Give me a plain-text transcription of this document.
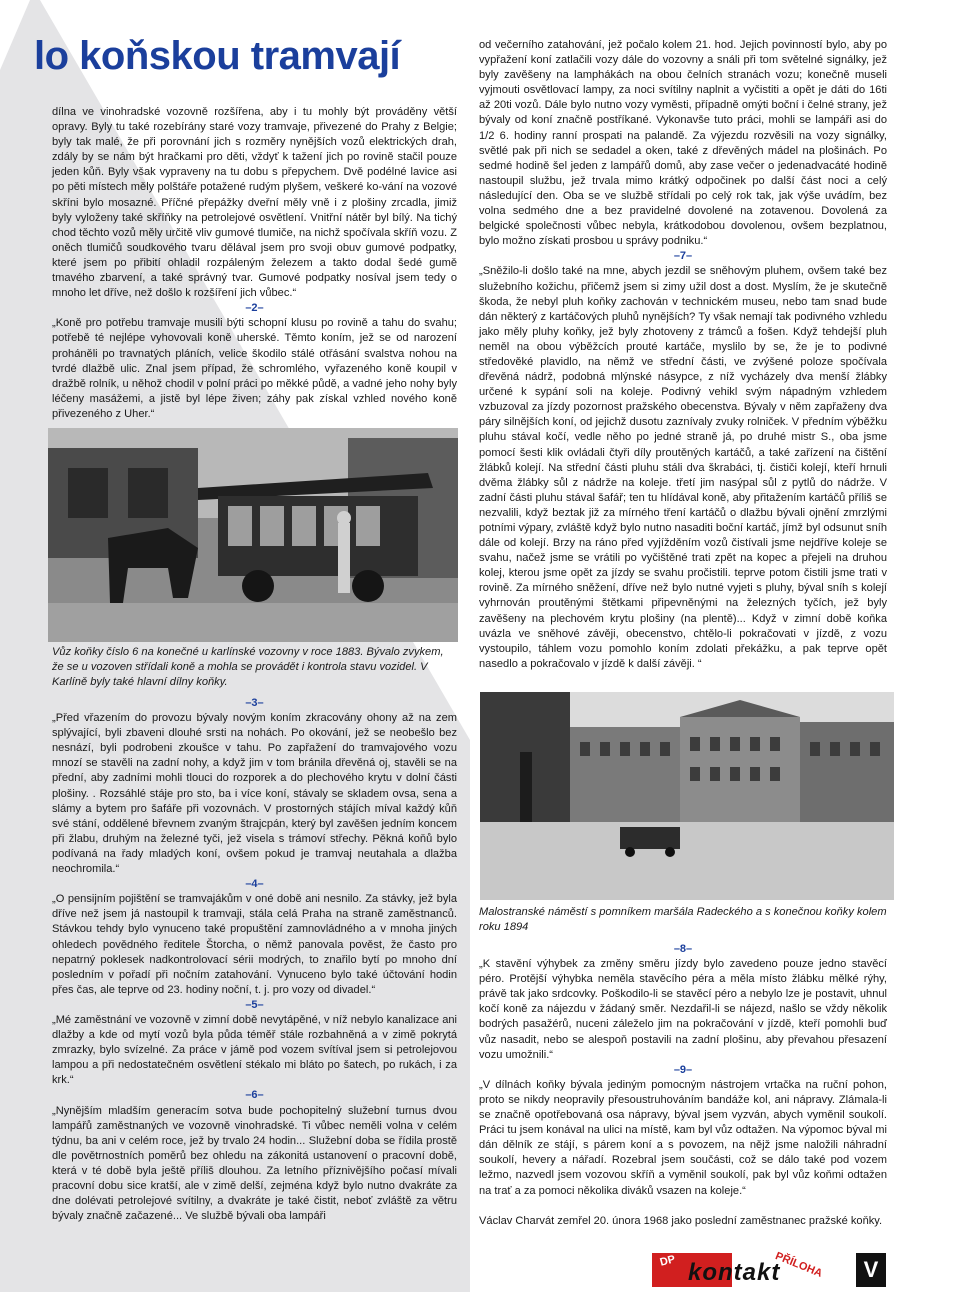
lo koňskou tramvají

dílna ve vinohradské vozovně rozšířena, aby i tu mohly být prováděny větší opravy. Byly tu také rozebírány staré vozy tramvaje, přivezené do Prahy z Belgie; byly tak malé, že při porovnání jich s rozměry nynějších vozů elektrických drah, zdály by se nám být hračkami pro děti, vždyť k tažení jich po rovině stačil pouze jeden kůň. Byly však vypraveny na tu dobu s přepychem. Dvě podélné lavice asi po pěti místech měly polštáře potažené rudým plyšem, veškeré ko-vání na vozové skříni bylo mosazné. Příčné přepážky dveřní měly vně i z plošiny zrcadla, jimiž byly vyloženy také skříňky na petrolejové osvětlení. Vnitřní nátěr byl bílý. Na tichý chod těchto vozů měly určitě vliv gumové tlumiče, na nichž spočívala skříň vozu. Z oněch tlumičů soudkového tvaru dělával jsem pro svoji obuv gumové podpatky, které jsem po přibití ohladil rozpáleným železem a takto dodal šedé gumě tmavého zbarvení, a také správný tvar. Gumové podpatky nosíval jsem tedy o mnoho let dříve, než došlo k rozšíření jich vůbec.“

–2–

„Koně pro potřebu tramvaje musili býti schopní klusu po rovině a tahu do svahu; potřebě té nejlépe vyhovovali koně uherské. Těmto koním, jež se od narození proháněli po travnatých pláních, velice škodilo stálé otřásání svalstva nohou na tvrdé dlažbě ulic. Znal jsem případ, že schromlého, vyřazeného koně koupil v dražbě rolník, u něhož chodil v polní práci po měkké půdě, a vadné jeho nohy byly léčeny masážemi, a jistě byl lépe živen; záhy pak získal vzhled nového koně přivezeného z Uher.“

Vůz koňky číslo 6 na konečné u karlínské vozovny v roce 1883. Bývalo zvykem, že se u vozoven střídali koně a mohla se provádět i kontrola stavu vozidel. V Karlíně byly také hlavní dílny koňky.

–3–

„Před vřazením do provozu bývaly novým koním zkracovány ohony až na zem splývající, byli zbaveni dlouhé srsti na nohách. Po okování, jež se neobešlo bez nesnází, byli podrobeni zkoušce v tahu. Po zapřažení do tramvajového vozu mnozí se stavěli na zadní nohy, a když jim v tom bránila dřevěná oj, stavěli se na přední, aby zadními mohli tlouci do rozporek a do plechového krytu v dolní části plošiny. . Rozsáhlé stáje pro sto, ba i více koní, stávaly se skladem ovsa, sena a slámy a bytem pro šafáře při vozovnách. V prostorných stájích míval každý kůň své stání, oddělené břevnem zvaným štrajcpán, který byl zavěšen jedním koncem při žlabu, druhým na železné tyči, jež visela s trámoví střechy. Pěkná koňů bylo podívaná na řady mladých koní, ovšem pokud je tramvaj neutahala a dlažba neochromila.“

–4–

„O pensijním pojištění se tramvajákům v oné době ani nesnilo. Za stávky, jež byla dříve než jsem já nastoupil k tramvaji, stála celá Praha na straně zaměstnanců. Stávkou tehdy bylo vynuceno také propuštění zamnovládného a v mnoha jiných ohledech povědného ředitele Štorcha, o němž panovala pověst, že často pro nepatrný poklesek nadkontrolovací sérii modrých, to znařilo bytí po mnoho dní posledním v pořadí při nočním zatahování. Vynuceno bylo také účtování hodin přes čas, ale teprve od 23. hodiny noční, t. j. pro vozy od divadel.“

–5–

„Mé zaměstnání ve vozovně v zimní době nevytápěné, v níž nebylo kanalizace ani dlažby a kde od mytí vozů byla půda téměř stále rozbahněná a v zimě pokrytá zmrazky, bylo svízelné. Za práce v jámě pod vozem svítíval jsem si petrolejovou lampou a při nedostatečném osvětlení stékalo mi bláto po šatech, po rukách, i za krk.“

–6–

„Nynějším mladším generacím sotva bude pochopitelný služební turnus dvou lampářů zaměstnaných ve vozovně vinohradské. Ti vůbec neměli volna v celém týdnu, ba ani v celém roce, jež by trvalo 24 hodin... Služební doba se řídila prostě dle povětrnostních poměrů bez ohledu na zákonitá ustanovení o pracovní době, která v té době byla ještě příliš dlouhou. Za letního příznivějšího počasí mívali pracovní dobu sice kratší, ale v zimě delší, zejména když bylo nutno dvakráte za dne dolévati petrolejové svítilny, a dvakráte je také čistit, neboť zvláště za větru bývaly značně začazené... Ve službě bývali oba lampáři

od večerního zatahování, jež počalo kolem 21. hod. Jejich povinností bylo, aby po vypřažení koní zatlačili vozy dále do vozovny a snáli při tom světelné signálky, jež byly zavěšeny na lamphákách na obou čelních stranách vozu; konečně museli vyjmouti osvětlovací lampy, za noci svítilny naplnit a vyčistiti a opět je dáti do 16ti až 20ti vozů. Dále bylo nutno vozy vyměsti, případně omýti boční i čelné strany, jež bývaly od koní značně postříkané. Vykonavše tuto práci, mohli se lampáři asi do 1/2 6. hodiny ranní prospati na palandě. Za výjezdu rozvěsili na vozy signálky, světlé pak při nich se sedadel a oken, také z dřevěných mádel na plošinách. Po sedmé hodině šel jeden z lampářů domů, aby zase večer o jedenadvacáté hodině nastoupil službu, jež trvala mimo krátký odpočinek po další část noci a celý následující den. Oba se ve službě střídali po celý rok tak, jak výše uvádím, bez volna sedmého dne a bez pravidelné dovolené na zotavenou. Dovolená za belgické společnosti vůbec nebyla, krátkodobou dovolenou, ovšem bezplatnou, bylo možno získati prosbou u správy podniku.“

–7–

„Sněžilo-li došlo také na mne, abych jezdil se sněhovým pluhem, ovšem také bez služebního kožichu, přičemž jsem si zimy užil dost a dost. Myslím, že je skutečně škoda, že nebyl pluh koňky zachován v technickém museu, nebo tam snad bude dán některý z kartáčových pluhů nynějších? Ty však nemají tak podivného vzhledu jako měly pluhy koňky, jež byly zhotoveny z trámců a fošen. Když tehdejší pluh neměl na obou výběžcích prouté kartáče, myslilo by se, že je to podivné středověké plavidlo, na němž ve střední části, ve zvýšené poloze spočívala dřevěná nádrž, podobná mlýnské násypce, z níž vycházely dva menší žlábky určené k sypání soli na koleje. Podivný vehikl svým nápadným vzhledem vzbuzoval za jízdy pozornost pražského obecenstva. Bývaly v něm zapřaženy dva páry silnějších koní, od jejichž dusotu zaznívaly zvuky rolniček. V předním výběžku pluhu stával kočí, vedle něho po jedné straně já, po druhé mistr S., oba jsme pomocí šesti klik ovládali čtyři díly proutěných kartáčů, a také zařízení na čištění žlábků kolejí. Na střední části pluhu stáli dva škrabáci, tj. čističi kolejí, kteří hrnuli dvěma žlábky sůl z nádrže na koleje. třetí jim nasýpal sůl z pytlů do nádrže. V zadní části pluhu stával šafář; ten tu hlídával koně, aby přitažením kartáčů příliš se nezvalili, když beztak již za mírného tření kartáčů o dlažbu bývali ojnění zmrzlými potními výpary, zvláště když bylo nutno nasaditi boční kartáč, jímž byl odsunut sníh dále od kolejí. Brzy na ráno před vyjížděním vozů čistívali jsme nejdříve koleje se svahu, načež jsme se vrátili po vyčištěné trati zpět na kopec a přejeli na druhou kolej, kterou jsme opět za jízdy se svahu pročistili. teprve potom čistili jsme trati v rovině. Za mírného sněžení, dříve než bylo nutné vyjeti s pluhy, býval sníh s kolejí vyhrnován proutěnými štětkami připevněnými na železných tyčích, jež byly zavěšeny na plechovém krytu plošiny (na plentě)... Když v zimní době koňka uvázla ve sněhové závěji, obecenstvo, chtělo-li pokračovati v jízdě, z vozu vystoupilo, táhlem vozu pomohlo koním zdolati překážku, a pak teprve opět nasedlo a pokračovalo v jízdě k další závěji. “

Malostranské náměstí s pomníkem maršála Radeckého a s konečnou koňky kolem roku 1894

–8–

„K stavění výhybek za změny směru jízdy bylo zavedeno pouze jedno stavěcí péro. Protější výhybka neměla stavěcího péra a měla místo žlábku mělké rýhy, právě tak jako srdcovky. Poškodilo-li se stavěcí péro a nebylo lze je postavit, uhnul kočí koně za nájezdu v žádaný směr. Nezdařil-li se nájezd, našlo se vždy několik bodrých pasažérů, nuceni záleželo jim na pokračování v jízdě, kteří pomohli buď vůz nasadit, nebo se alespoň postavili na zadní plošinu, aby převahou přesazení vozu umožnili.“

–9–

„V dílnách koňky bývala jediným pomocným nástrojem vrtačka na ruční pohon, proto se nikdy neopravily přesoustruhováním bandáže kol, ani nápravy. Zlámala-li se značně opotřebovaná osa nápravy, býval jsem vyzván, abych vyměnil soukolí. Práci tu jsem konával na ulici na místě, kam byl vůz odtažen. Na výpomoc býval mi dán dělník ze stájí, s párem koní a s povozem, na nějž jsme naložili náhradní soukolí, hevery a nářadí. Rozebral jsem součásti, což se dálo také pod vozem ležmo, nazvedl jsem vozovou skříň a vyměnil soukolí, pak byl vůz koňmi odtažen na trať a za pomoci několika diváků vsazen na koleje.“

Václav Charvát zemřel 20. února 1968 jako poslední zaměstnanec pražské koňky.

DP kontakt
PŘÍLOHA	V
